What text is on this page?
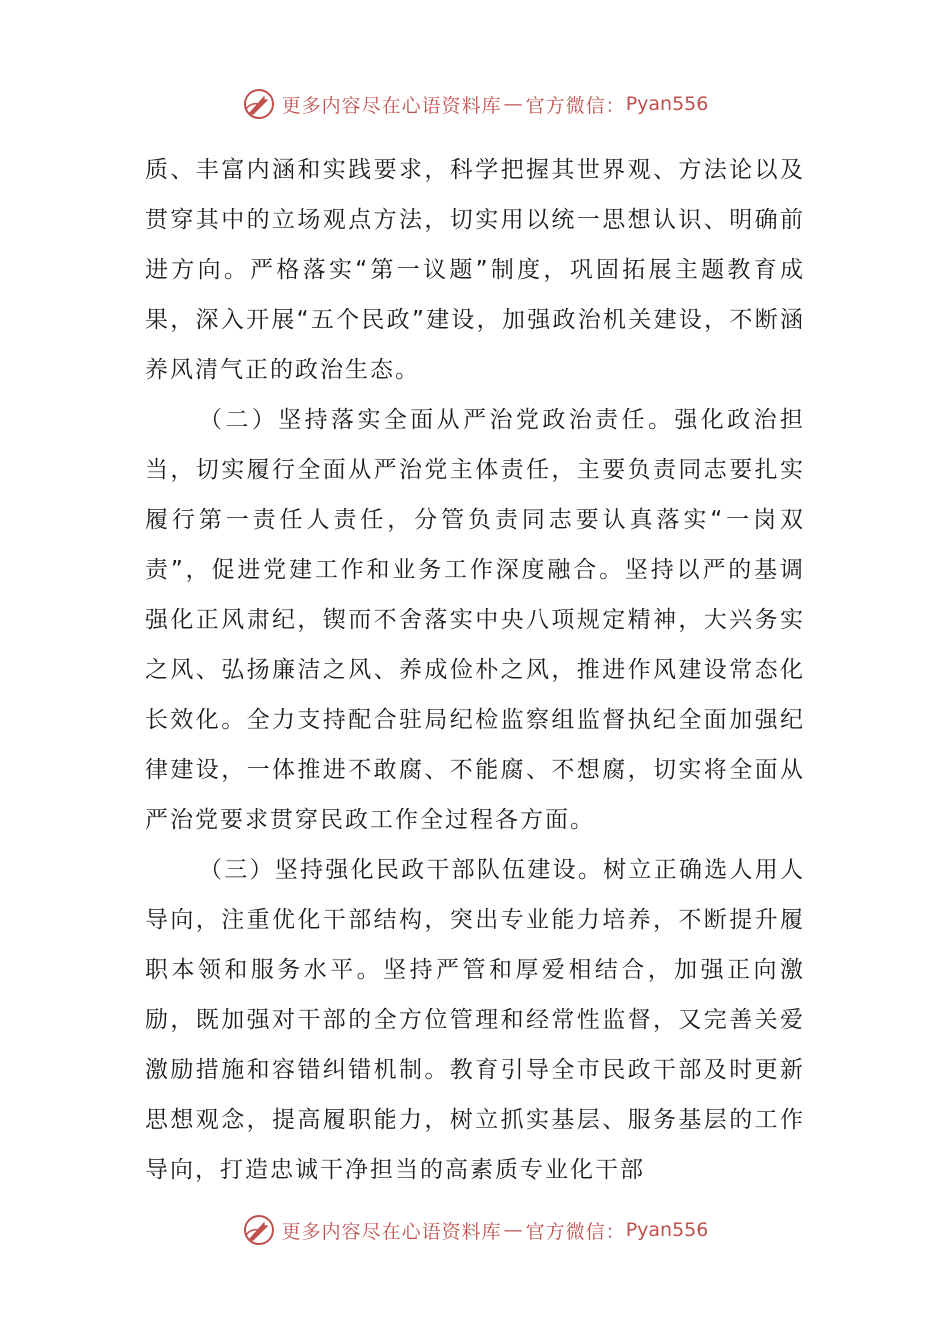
更多内容尽在心语资料库 — 官方微信： Pyan556

质、丰富内涵和实践要求，科学把握其世界观、方法论以及贯穿其中的立场观点方法，切实用以统一思想认识、明确前进方向。严格落实“第一议题”制度，巩固拓展主题教育成果，深入开展“五个民政”建设，加强政治机关建设，不断涵养风清气正的政治生态。

（二）坚持落实全面从严治党政治责任。强化政治担当，切实履行全面从严治党主体责任，主要负责同志要扎实履行第一责任人责任，分管负责同志要认真落实“一岗双责”，促进党建工作和业务工作深度融合。坚持以严的基调强化正风肃纪，锲而不舍落实中央八项规定精神，大兴务实之风、弘扬廉洁之风、养成俭朴之风，推进作风建设常态化长效化。全力支持配合驻局纪检监察组监督执纪全面加强纪律建设，一体推进不敢腐、不能腐、不想腐，切实将全面从严治党要求贯穿民政工作全过程各方面。

（三）坚持强化民政干部队伍建设。树立正确选人用人导向，注重优化干部结构，突出专业能力培养，不断提升履职本领和服务水平。坚持严管和厚爱相结合，加强正向激励，既加强对干部的全方位管理和经常性监督，又完善关爱激励措施和容错纠错机制。教育引导全市民政干部及时更新思想观念，提高履职能力，树立抓实基层、服务基层的工作导向，打造忠诚干净担当的高素质专业化干部

更多内容尽在心语资料库 — 官方微信： Pyan556
